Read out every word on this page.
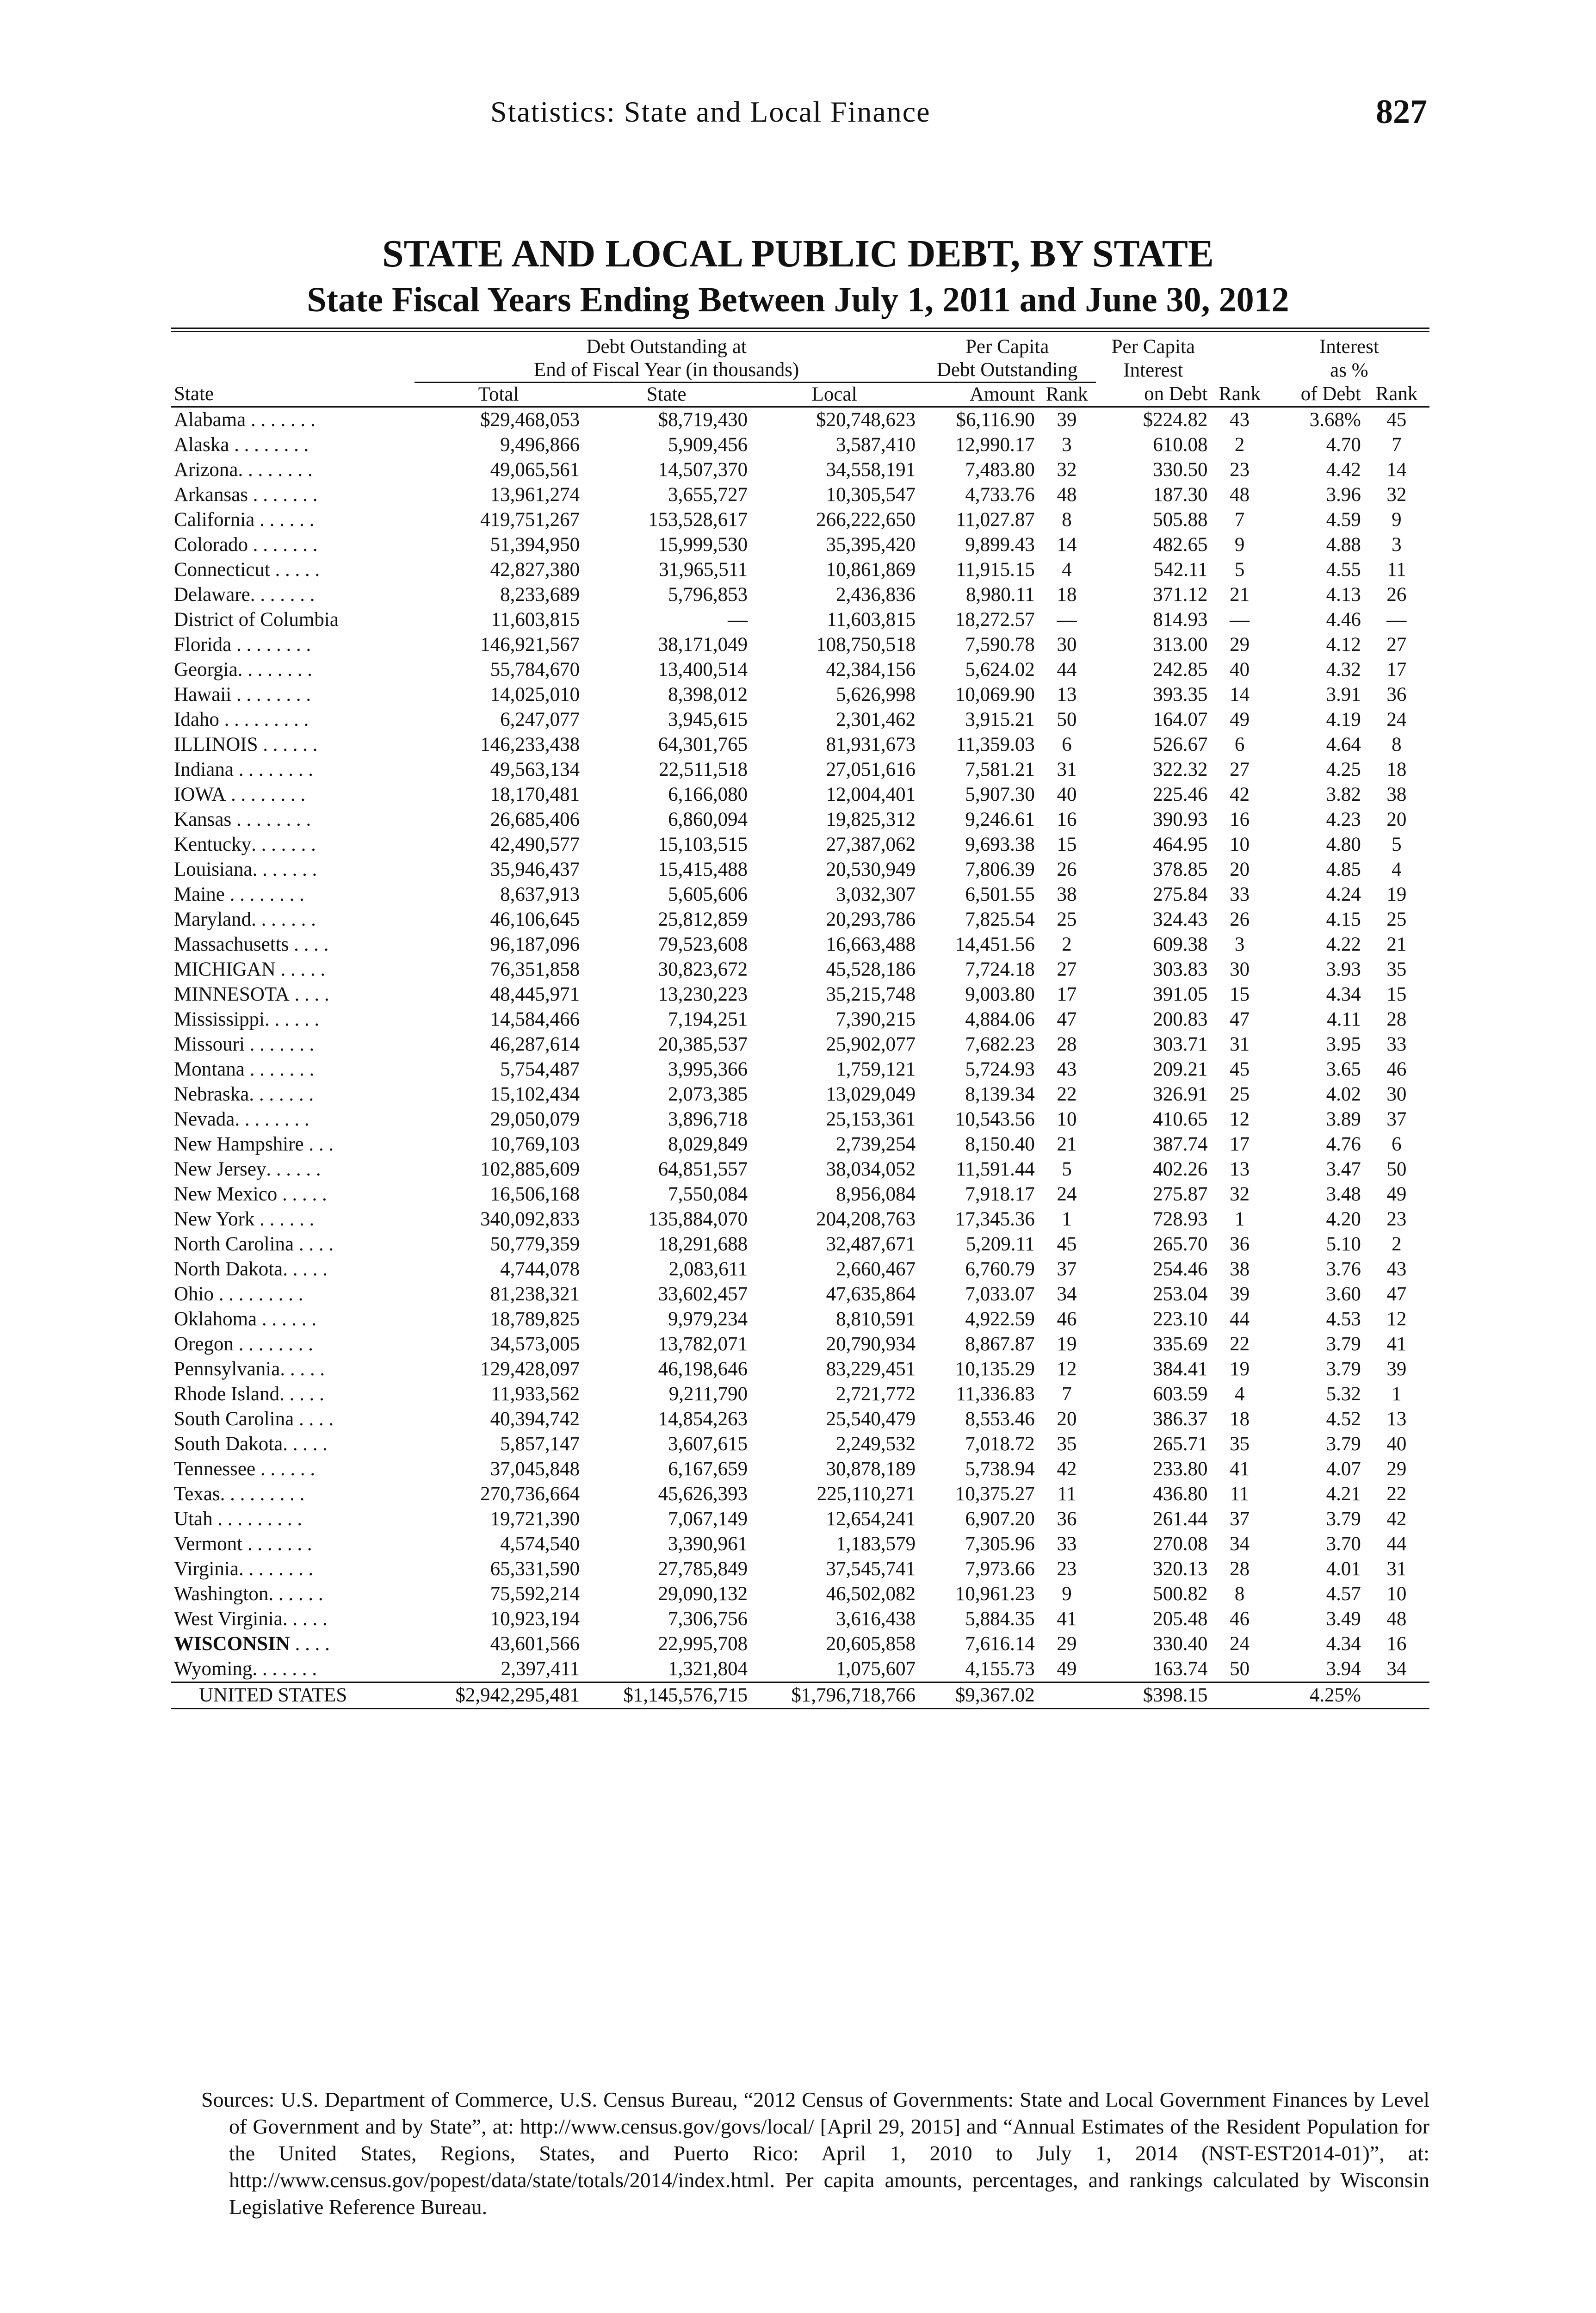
Statistics: State and Local Finance	827
STATE AND LOCAL PUBLIC DEBT, BY STATE
State Fiscal Years Ending Between July 1, 2011 and June 30, 2012
	Debt Outstanding at			Per Capita		Per Capita		Interest	
	End of Fiscal Year (in thousands)			Debt Outstanding		Interest		as %	
State	Total	State	Local	Amount	Rank	on Debt	Rank	of Debt	Rank
Alabama . . . . . . .	$29,468,053	$8,719,430	$20,748,623	$6,116.90	39	$224.82	43	3.68%	45
Alaska . . . . . . . .	9,496,866	5,909,456	3,587,410	12,990.17	3	610.08	2	4.70	7
Arizona. . . . . . . .	49,065,561	14,507,370	34,558,191	7,483.80	32	330.50	23	4.42	14
Arkansas . . . . . . .	13,961,274	3,655,727	10,305,547	4,733.76	48	187.30	48	3.96	32
California . . . . . .	419,751,267	153,528,617	266,222,650	11,027.87	8	505.88	7	4.59	9
Colorado . . . . . . .	51,394,950	15,999,530	35,395,420	9,899.43	14	482.65	9	4.88	3
Connecticut . . . . .	42,827,380	31,965,511	10,861,869	11,915.15	4	542.11	5	4.55	11
Delaware. . . . . . .	8,233,689	5,796,853	2,436,836	8,980.11	18	371.12	21	4.13	26
District of Columbia	11,603,815	—	11,603,815	18,272.57	—	814.93	—	4.46	—
Florida . . . . . . . .	146,921,567	38,171,049	108,750,518	7,590.78	30	313.00	29	4.12	27
Georgia. . . . . . . .	55,784,670	13,400,514	42,384,156	5,624.02	44	242.85	40	4.32	17
Hawaii . . . . . . . .	14,025,010	8,398,012	5,626,998	10,069.90	13	393.35	14	3.91	36
Idaho . . . . . . . . .	6,247,077	3,945,615	2,301,462	3,915.21	50	164.07	49	4.19	24
ILLINOIS . . . . . .	146,233,438	64,301,765	81,931,673	11,359.03	6	526.67	6	4.64	8
Indiana . . . . . . . .	49,563,134	22,511,518	27,051,616	7,581.21	31	322.32	27	4.25	18
IOWA . . . . . . . .	18,170,481	6,166,080	12,004,401	5,907.30	40	225.46	42	3.82	38
Kansas . . . . . . . .	26,685,406	6,860,094	19,825,312	9,246.61	16	390.93	16	4.23	20
Kentucky. . . . . . .	42,490,577	15,103,515	27,387,062	9,693.38	15	464.95	10	4.80	5
Louisiana. . . . . . .	35,946,437	15,415,488	20,530,949	7,806.39	26	378.85	20	4.85	4
Maine . . . . . . . .	8,637,913	5,605,606	3,032,307	6,501.55	38	275.84	33	4.24	19
Maryland. . . . . . .	46,106,645	25,812,859	20,293,786	7,825.54	25	324.43	26	4.15	25
Massachusetts . . . .	96,187,096	79,523,608	16,663,488	14,451.56	2	609.38	3	4.22	21
MICHIGAN . . . . .	76,351,858	30,823,672	45,528,186	7,724.18	27	303.83	30	3.93	35
MINNESOTA . . . .	48,445,971	13,230,223	35,215,748	9,003.80	17	391.05	15	4.34	15
Mississippi. . . . . .	14,584,466	7,194,251	7,390,215	4,884.06	47	200.83	47	4.11	28
Missouri . . . . . . .	46,287,614	20,385,537	25,902,077	7,682.23	28	303.71	31	3.95	33
Montana . . . . . . .	5,754,487	3,995,366	1,759,121	5,724.93	43	209.21	45	3.65	46
Nebraska. . . . . . .	15,102,434	2,073,385	13,029,049	8,139.34	22	326.91	25	4.02	30
Nevada. . . . . . . .	29,050,079	3,896,718	25,153,361	10,543.56	10	410.65	12	3.89	37
New Hampshire . . .	10,769,103	8,029,849	2,739,254	8,150.40	21	387.74	17	4.76	6
New Jersey. . . . . .	102,885,609	64,851,557	38,034,052	11,591.44	5	402.26	13	3.47	50
New Mexico . . . . .	16,506,168	7,550,084	8,956,084	7,918.17	24	275.87	32	3.48	49
New York . . . . . .	340,092,833	135,884,070	204,208,763	17,345.36	1	728.93	1	4.20	23
North Carolina . . . .	50,779,359	18,291,688	32,487,671	5,209.11	45	265.70	36	5.10	2
North Dakota. . . . .	4,744,078	2,083,611	2,660,467	6,760.79	37	254.46	38	3.76	43
Ohio . . . . . . . . .	81,238,321	33,602,457	47,635,864	7,033.07	34	253.04	39	3.60	47
Oklahoma . . . . . .	18,789,825	9,979,234	8,810,591	4,922.59	46	223.10	44	4.53	12
Oregon . . . . . . . .	34,573,005	13,782,071	20,790,934	8,867.87	19	335.69	22	3.79	41
Pennsylvania. . . . .	129,428,097	46,198,646	83,229,451	10,135.29	12	384.41	19	3.79	39
Rhode Island. . . . .	11,933,562	9,211,790	2,721,772	11,336.83	7	603.59	4	5.32	1
South Carolina . . . .	40,394,742	14,854,263	25,540,479	8,553.46	20	386.37	18	4.52	13
South Dakota. . . . .	5,857,147	3,607,615	2,249,532	7,018.72	35	265.71	35	3.79	40
Tennessee . . . . . .	37,045,848	6,167,659	30,878,189	5,738.94	42	233.80	41	4.07	29
Texas. . . . . . . . .	270,736,664	45,626,393	225,110,271	10,375.27	11	436.80	11	4.21	22
Utah . . . . . . . . .	19,721,390	7,067,149	12,654,241	6,907.20	36	261.44	37	3.79	42
Vermont . . . . . . .	4,574,540	3,390,961	1,183,579	7,305.96	33	270.08	34	3.70	44
Virginia. . . . . . . .	65,331,590	27,785,849	37,545,741	7,973.66	23	320.13	28	4.01	31
Washington. . . . . .	75,592,214	29,090,132	46,502,082	10,961.23	9	500.82	8	4.57	10
West Virginia. . . . .	10,923,194	7,306,756	3,616,438	5,884.35	41	205.48	46	3.49	48
WISCONSIN . . . .	43,601,566	22,995,708	20,605,858	7,616.14	29	330.40	24	4.34	16
Wyoming. . . . . . .	2,397,411	1,321,804	1,075,607	4,155.73	49	163.74	50	3.94	34
UNITED STATES	$2,942,295,481	$1,145,576,715	$1,796,718,766	$9,367.02		$398.15		4.25%	

Sources: U.S. Department of Commerce, U.S. Census Bureau, “2012 Census of Governments: State and Local Government Finances by Level of Government and by State”, at: http://www.census.gov/govs/local/ [April 29, 2015] and “Annual Estimates of the Resident Population for the United States, Regions, States, and Puerto Rico: April 1, 2010 to July 1, 2014 (NST-EST2014-01)”, at: http://www.census.gov/popest/data/state/totals/2014/index.html. Per capita amounts, percentages, and rankings calculated by Wisconsin Legislative Reference Bureau.
